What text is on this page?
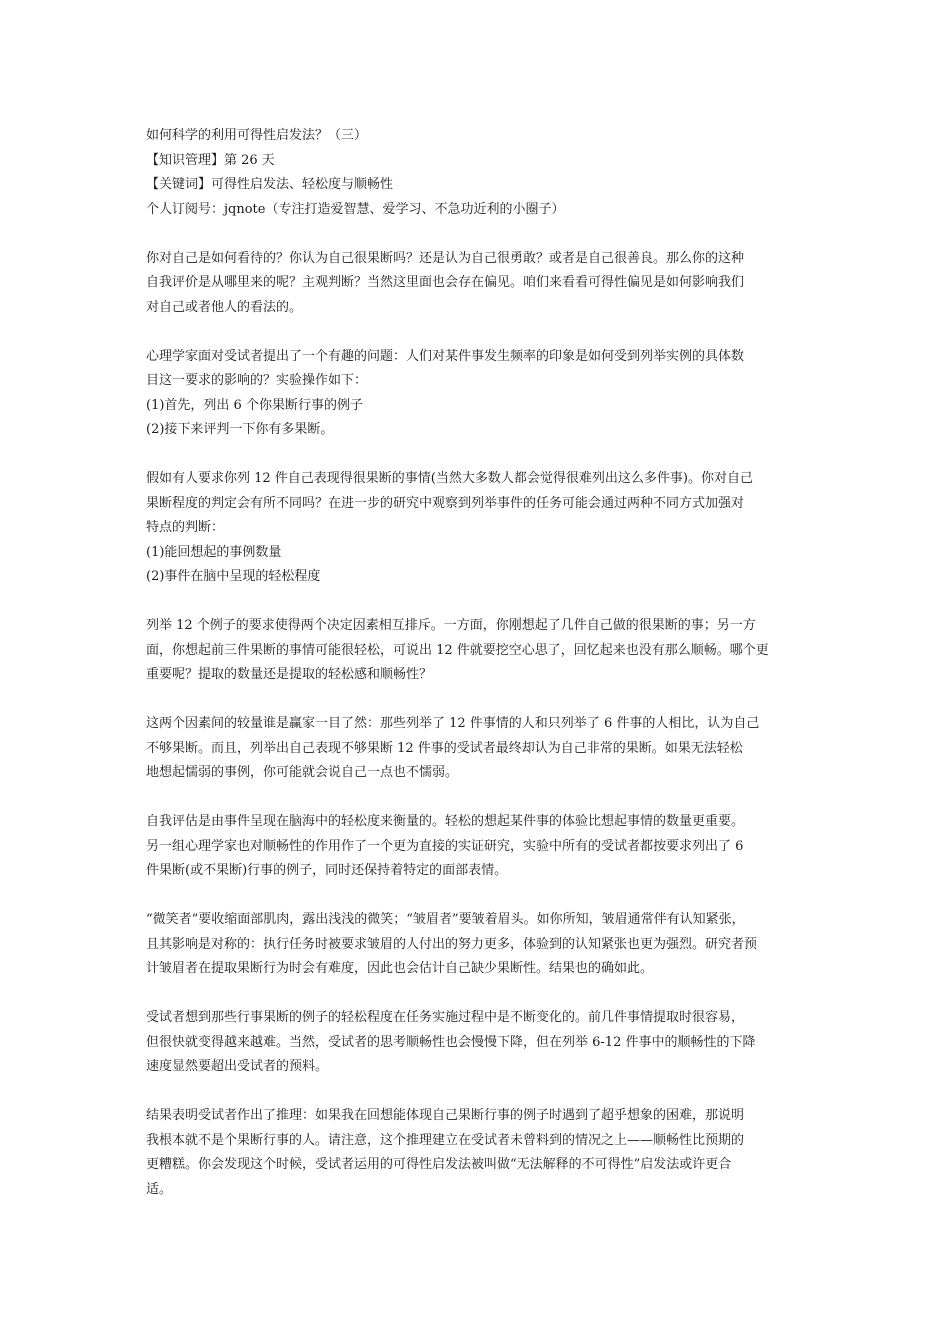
如何科学的利用可得性启发法？（三）
【知识管理】第 26 天
【关键词】可得性启发法、轻松度与顺畅性
个人订阅号：jqnote（专注打造爱智慧、爱学习、不急功近利的小圈子）
你对自己是如何看待的？你认为自己很果断吗？还是认为自己很勇敢？或者是自己很善良。那么你的这种
自我评价是从哪里来的呢？主观判断？当然这里面也会存在偏见。咱们来看看可得性偏见是如何影响我们
对自己或者他人的看法的。
心理学家面对受试者提出了一个有趣的问题：人们对某件事发生频率的印象是如何受到列举实例的具体数
目这一要求的影响的？实验操作如下：
(1)首先，列出 6 个你果断行事的例子
(2)接下来评判一下你有多果断。
假如有人要求你列 12 件自己表现得很果断的事情(当然大多数人都会觉得很难列出这么多件事)。你对自己
果断程度的判定会有所不同吗？在进一步的研究中观察到列举事件的任务可能会通过两种不同方式加强对
特点的判断：
(1)能回想起的事例数量
(2)事件在脑中呈现的轻松程度
列举 12 个例子的要求使得两个决定因素相互排斥。一方面，你刚想起了几件自己做的很果断的事；另一方
面，你想起前三件果断的事情可能很轻松，可说出 12 件就要挖空心思了，回忆起来也没有那么顺畅。哪个更
重要呢？提取的数量还是提取的轻松感和顺畅性？
这两个因素间的较量谁是赢家一目了然：那些列举了 12 件事情的人和只列举了 6 件事的人相比，认为自己
不够果断。而且，列举出自己表现不够果断 12 件事的受试者最终却认为自己非常的果断。如果无法轻松
地想起懦弱的事例，你可能就会说自己一点也不懦弱。
自我评估是由事件呈现在脑海中的轻松度来衡量的。轻松的想起某件事的体验比想起事情的数量更重要。
另一组心理学家也对顺畅性的作用作了一个更为直接的实证研究，实验中所有的受试者都按要求列出了 6
件果断(或不果断)行事的例子，同时还保持着特定的面部表情。
“微笑者”要收缩面部肌肉，露出浅浅的微笑；“皱眉者”要皱着眉头。如你所知，皱眉通常伴有认知紧张，
且其影响是对称的：执行任务时被要求皱眉的人付出的努力更多，体验到的认知紧张也更为强烈。研究者预
计皱眉者在提取果断行为时会有难度，因此也会估计自己缺少果断性。结果也的确如此。
受试者想到那些行事果断的例子的轻松程度在任务实施过程中是不断变化的。前几件事情提取时很容易，
但很快就变得越来越难。当然，受试者的思考顺畅性也会慢慢下降，但在列举 6-12 件事中的顺畅性的下降
速度显然要超出受试者的预料。
结果表明受试者作出了推理：如果我在回想能体现自己果断行事的例子时遇到了超乎想象的困难，那说明
我根本就不是个果断行事的人。请注意，这个推理建立在受试者未曾料到的情况之上——顺畅性比预期的
更糟糕。你会发现这个时候，受试者运用的可得性启发法被叫做“无法解释的不可得性”启发法或许更合
适。
